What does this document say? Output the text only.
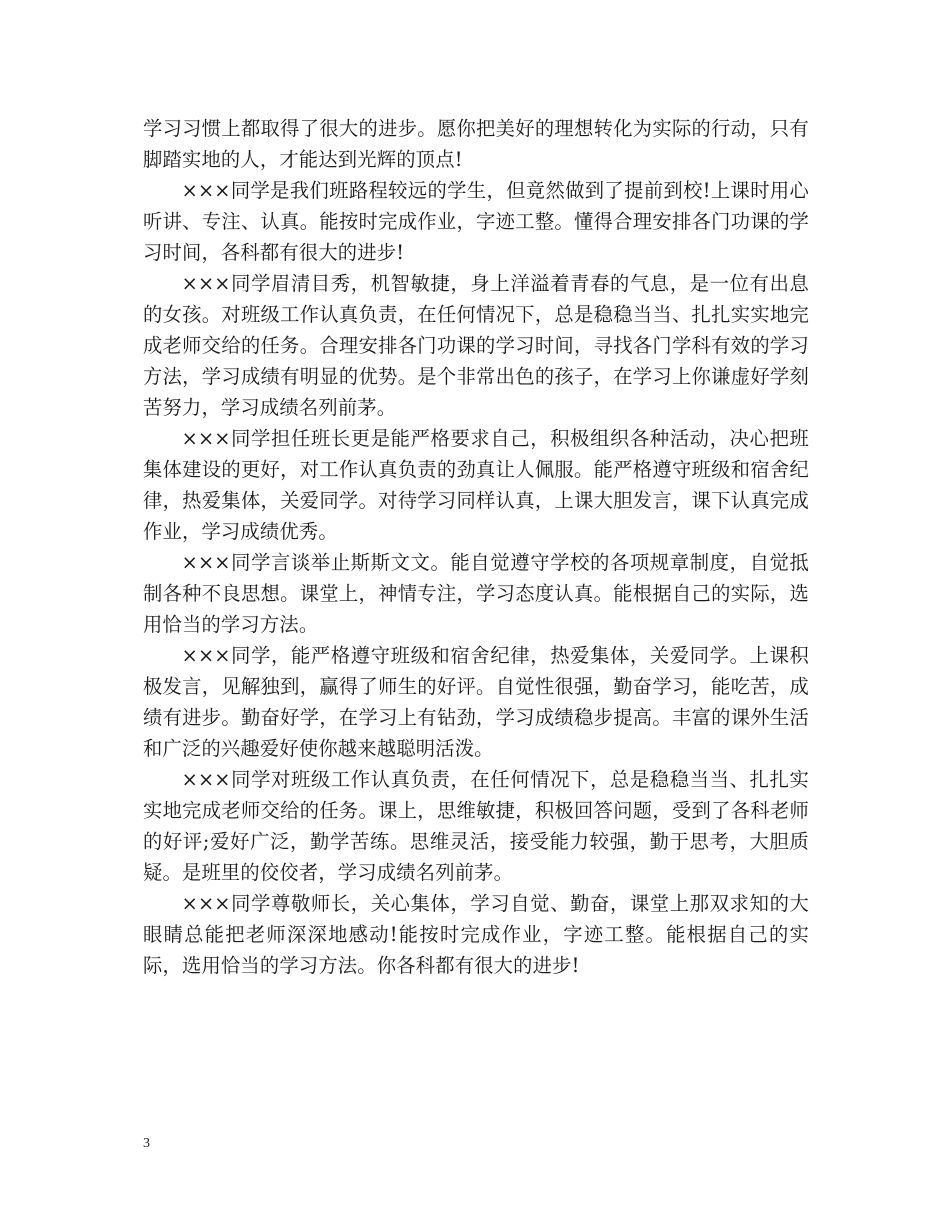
学习习惯上都取得了很大的进步。愿你把美好的理想转化为实际的行动，只有脚踏实地的人，才能达到光辉的顶点!

×××同学是我们班路程较远的学生，但竟然做到了提前到校!上课时用心听讲、专注、认真。能按时完成作业，字迹工整。懂得合理安排各门功课的学习时间，各科都有很大的进步!

×××同学眉清目秀，机智敏捷，身上洋溢着青春的气息，是一位有出息的女孩。对班级工作认真负责，在任何情况下，总是稳稳当当、扎扎实实地完成老师交给的任务。合理安排各门功课的学习时间，寻找各门学科有效的学习方法，学习成绩有明显的优势。是个非常出色的孩子，在学习上你谦虚好学刻苦努力，学习成绩名列前茅。

×××同学担任班长更是能严格要求自己，积极组织各种活动，决心把班集体建设的更好，对工作认真负责的劲真让人佩服。能严格遵守班级和宿舍纪律，热爱集体，关爱同学。对待学习同样认真，上课大胆发言，课下认真完成作业，学习成绩优秀。

×××同学言谈举止斯斯文文。能自觉遵守学校的各项规章制度，自觉抵制各种不良思想。课堂上，神情专注，学习态度认真。能根据自己的实际，选用恰当的学习方法。

×××同学，能严格遵守班级和宿舍纪律，热爱集体，关爱同学。上课积极发言，见解独到，赢得了师生的好评。自觉性很强，勤奋学习，能吃苦，成绩有进步。勤奋好学，在学习上有钻劲，学习成绩稳步提高。丰富的课外生活和广泛的兴趣爱好使你越来越聪明活泼。

×××同学对班级工作认真负责，在任何情况下，总是稳稳当当、扎扎实实地完成老师交给的任务。课上，思维敏捷，积极回答问题，受到了各科老师的好评;爱好广泛，勤学苦练。思维灵活，接受能力较强，勤于思考，大胆质疑。是班里的佼佼者，学习成绩名列前茅。

×××同学尊敬师长，关心集体，学习自觉、勤奋，课堂上那双求知的大眼睛总能把老师深深地感动!能按时完成作业，字迹工整。能根据自己的实际，选用恰当的学习方法。你各科都有很大的进步!

3
